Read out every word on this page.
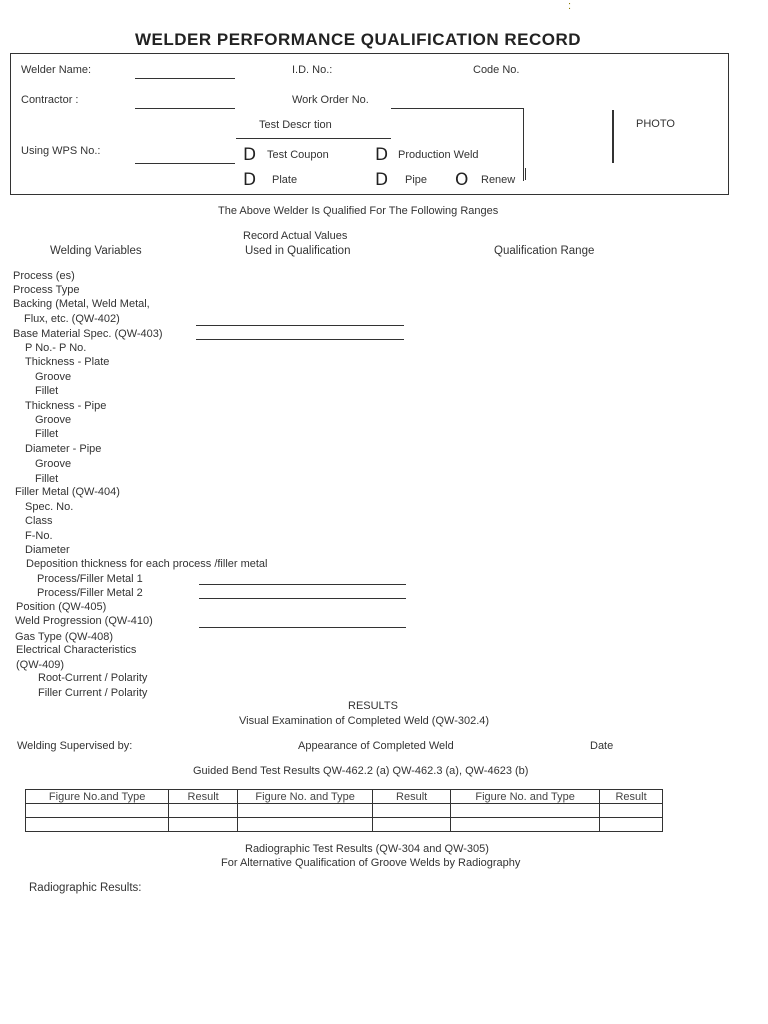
:
WELDER PERFORMANCE QUALIFICATION RECORD
Welder Name:	I.D. No.:	Code No.
Contractor :	Work Order No.
Test Descr tion	PHOTO
Using WPS No.:	D Test Coupon	D Production Weld
D Plate	D Pipe O Renew
The Above Welder Is Qualified For The Following Ranges
Record Actual Values
Welding Variables	Used in Qualification	Qualification Range
Process (es)
Process Type
Backing (Metal, Weld Metal,
Flux, etc. (QW-402)
Base Material Spec. (QW-403)
P No.- P No.
Thickness - Plate
Groove
Fillet
Thickness - Pipe
Groove
Fillet
Diameter - Pipe
Groove
Fillet
Filler Metal (QW-404)
Spec. No.
Class
F-No.
Diameter
Deposition thickness for each process /filler metal
Process/Filler Metal 1
Process/Filler Metal 2
Position (QW-405)
Weld Progression (QW-410)
Gas Type (QW-408)
Electrical Characteristics
(QW-409)
Root-Current / Polarity
Filler Current / Polarity
RESULTS
Visual Examination of Completed Weld (QW-302.4)
Welding Supervised by:	Appearance of Completed Weld	Date
Guided Bend Test Results QW-462.2 (a) QW-462.3 (a), QW-4623 (b)
Figure No.and Type	Result	Figure No. and Type	Result	Figure No. and Type	Result

Radiographic Test Results (QW-304 and QW-305)
For Alternative Qualification of Groove Welds by Radiography
Radiographic Results:
